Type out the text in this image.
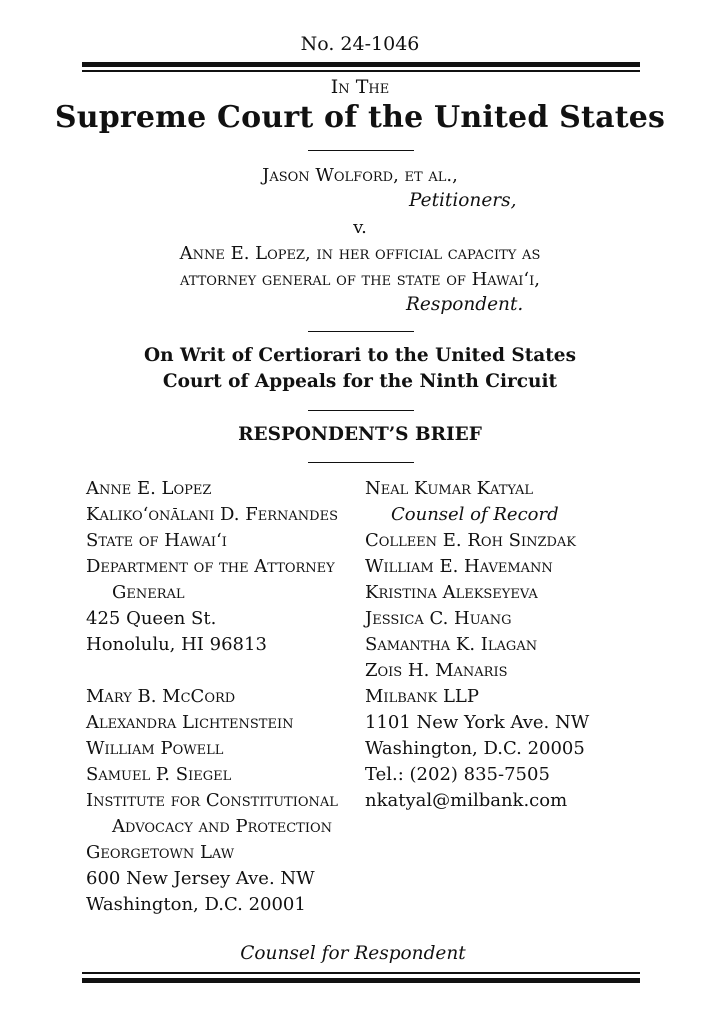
No. 24-1046
In The
Supreme Court of the United States
Jason Wolford, et al.,
Petitioners,
v.
Anne E. Lopez, in her official capacity as
attorney general of the state of Hawai‘i,
Respondent.
On Writ of Certiorari to the United States
Court of Appeals for the Ninth Circuit
RESPONDENT’S BRIEF
Anne E. Lopez
Kaliko‘onālani D. Fernandes
State of Hawai‘i
Department of the Attorney
General
425 Queen St.
Honolulu, HI 96813
Mary B. McCord
Alexandra Lichtenstein
William Powell
Samuel P. Siegel
Institute for Constitutional
Advocacy and Protection
Georgetown Law
600 New Jersey Ave. NW
Washington, D.C. 20001
Neal Kumar Katyal
Counsel of Record
Colleen E. Roh Sinzdak
William E. Havemann
Kristina Alekseyeva
Jessica C. Huang
Samantha K. Ilagan
Zois H. Manaris
Milbank LLP
1101 New York Ave. NW
Washington, D.C. 20005
Tel.: (202) 835-7505
nkatyal@milbank.com
Counsel for Respondent
